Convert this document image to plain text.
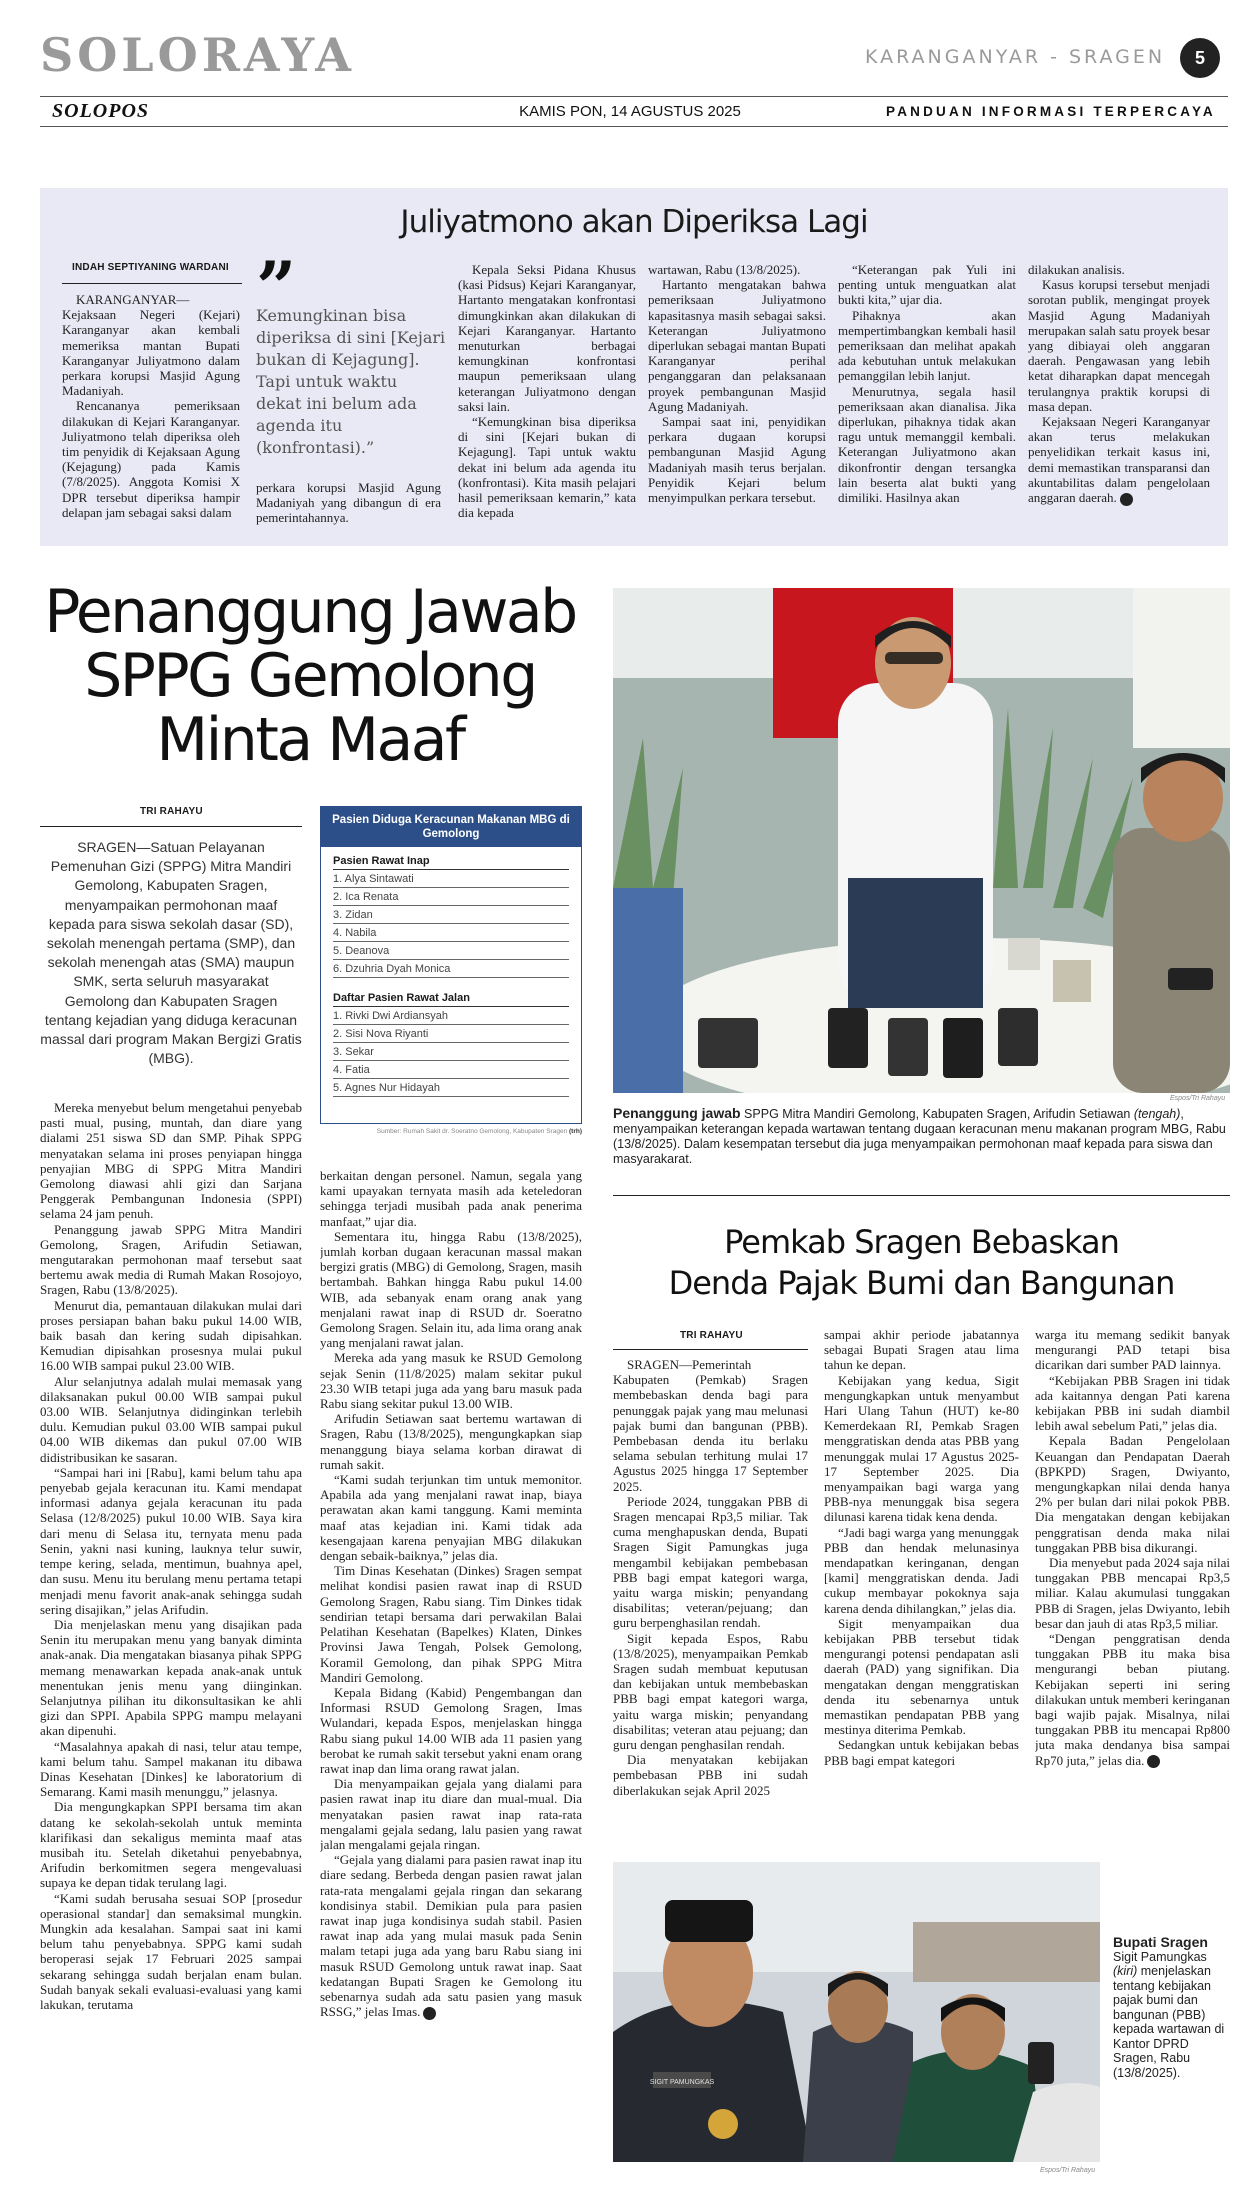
SOLORAYA	KARANGANYAR - SRAGEN	5
SOLOPOS	KAMIS PON, 14 AGUSTUS 2025	PANDUAN INFORMASI TERPERCAYA
Juliyatmono akan Diperiksa Lagi
INDAH SEPTIYANING WARDANI

KARANGANYAR—Kejaksaan Negeri (Kejari) Karanganyar akan kembali memeriksa mantan Bupati Karanganyar Juliyatmono dalam perkara korupsi Masjid Agung Madaniyah.

Rencananya pemeriksaan dilakukan di Kejari Karanganyar. Juliyatmono telah diperiksa oleh tim penyidik di Kejaksaan Agung (Kejagung) pada Kamis (7/8/2025). Anggota Komisi X DPR tersebut diperiksa hampir delapan jam sebagai saksi dalam

”
Kemungkinan bisa diperiksa di sini [Kejari bukan di Kejagung]. Tapi untuk waktu dekat ini belum ada agenda itu (konfrontasi).”

perkara korupsi Masjid Agung Madaniyah yang dibangun di era pemerintahannya.

Kepala Seksi Pidana Khusus (kasi Pidsus) Kejari Karanganyar, Hartanto mengatakan konfrontasi dimungkinkan akan dilakukan di Kejari Karanganyar. Hartanto menuturkan berbagai kemungkinan konfrontasi maupun pemeriksaan ulang keterangan Juliyatmono dengan saksi lain.

“Kemungkinan bisa diperiksa di sini [Kejari bukan di Kejagung]. Tapi untuk waktu dekat ini belum ada agenda itu (konfrontasi). Kita masih pelajari hasil pemeriksaan kemarin,” kata dia kepada

wartawan, Rabu (13/8/2025).

Hartanto mengatakan bahwa pemeriksaan Juliyatmono kapasitasnya masih sebagai saksi. Keterangan Juliyatmono diperlukan sebagai mantan Bupati Karanganyar perihal penganggaran dan pelaksanaan proyek pembangunan Masjid Agung Madaniyah.

Sampai saat ini, penyidikan perkara dugaan korupsi pembangunan Masjid Agung Madaniyah masih terus berjalan. Penyidik Kejari belum menyimpulkan perkara tersebut.

“Keterangan pak Yuli ini penting untuk menguatkan alat bukti kita,” ujar dia.

Pihaknya akan mempertimbangkan kembali hasil pemeriksaan dan melihat apakah ada kebutuhan untuk melakukan pemanggilan lebih lanjut.

Menurutnya, segala hasil pemeriksaan akan dianalisa. Jika diperlukan, pihaknya tidak akan ragu untuk memanggil kembali. Keterangan Juliyatmono akan dikonfrontir dengan tersangka lain beserta alat bukti yang dimiliki. Hasilnya akan

dilakukan analisis.

Kasus korupsi tersebut menjadi sorotan publik, mengingat proyek Masjid Agung Madaniyah merupakan salah satu proyek besar yang dibiayai oleh anggaran daerah. Pengawasan yang lebih ketat diharapkan dapat mencegah terulangnya praktik korupsi di masa depan.

Kejaksaan Negeri Karanganyar akan terus melakukan penyelidikan terkait kasus ini, demi memastikan transparansi dan akuntabilitas dalam pengelolaan anggaran daerah.

Penanggung Jawab
SPPG Gemolong
Minta Maaf
TRI RAHAYU
SRAGEN—Satuan Pelayanan Pemenuhan Gizi (SPPG) Mitra Mandiri Gemolong, Kabupaten Sragen, menyampaikan permohonan maaf kepada para siswa sekolah dasar (SD), sekolah menengah pertama (SMP), dan sekolah menengah atas (SMA) maupun SMK, serta seluruh masyarakat Gemolong dan Kabupaten Sragen tentang kejadian yang diduga keracunan massal dari program Makan Bergizi Gratis (MBG).
Pasien Diduga Keracunan Makanan MBG di Gemolong
Pasien Rawat Inap
1. Alya Sintawati
2. Ica Renata
3. Zidan
4. Nabila
5. Deanova
6. Dzuhria Dyah Monica
Daftar Pasien Rawat Jalan
1. Rivki Dwi Ardiansyah
2. Sisi Nova Riyanti
3. Sekar
4. Fatia
5. Agnes Nur Hidayah
Sumber: Rumah Sakit dr. Soeratno Gemolong, Kabupaten Sragen (trh)

Mereka menyebut belum mengetahui penyebab pasti mual, pusing, muntah, dan diare yang dialami 251 siswa SD dan SMP. Pihak SPPG menyatakan selama ini proses penyiapan hingga penyajian MBG di SPPG Mitra Mandiri Gemolong diawasi ahli gizi dan Sarjana Penggerak Pembangunan Indonesia (SPPI) selama 24 jam penuh.

Penanggung jawab SPPG Mitra Mandiri Gemolong, Sragen, Arifudin Setiawan, mengutarakan permohonan maaf tersebut saat bertemu awak media di Rumah Makan Rosojoyo, Sragen, Rabu (13/8/2025).

Menurut dia, pemantauan dilakukan mulai dari proses persiapan bahan baku pukul 14.00 WIB, baik basah dan kering sudah dipisahkan. Kemudian dipisahkan prosesnya mulai pukul 16.00 WIB sampai pukul 23.00 WIB.

Alur selanjutnya adalah mulai memasak yang dilaksanakan pukul 00.00 WIB sampai pukul 03.00 WIB. Selanjutnya didinginkan terlebih dulu. Kemudian pukul 03.00 WIB sampai pukul 04.00 WIB dikemas dan pukul 07.00 WIB didistribusikan ke sasaran.

“Sampai hari ini [Rabu], kami belum tahu apa penyebab gejala keracunan itu. Kami mendapat informasi adanya gejala keracunan itu pada Selasa (12/8/2025) pukul 10.00 WIB. Saya kira dari menu di Selasa itu, ternyata menu pada Senin, yakni nasi kuning, lauknya telur suwir, tempe kering, selada, mentimun, buahnya apel, dan susu. Menu itu berulang menu pertama tetapi menjadi menu favorit anak-anak sehingga sudah sering disajikan,” jelas Arifudin.

Dia menjelaskan menu yang disajikan pada Senin itu merupakan menu yang banyak diminta anak-anak. Dia mengatakan biasanya pihak SPPG memang menawarkan kepada anak-anak untuk menentukan jenis menu yang diinginkan. Selanjutnya pilihan itu dikonsultasikan ke ahli gizi dan SPPI. Apabila SPPG mampu melayani akan dipenuhi.

“Masalahnya apakah di nasi, telur atau tempe, kami belum tahu. Sampel makanan itu dibawa Dinas Kesehatan [Dinkes] ke laboratorium di Semarang. Kami masih menunggu,” jelasnya.

Dia mengungkapkan SPPI bersama tim akan datang ke sekolah-sekolah untuk meminta klarifikasi dan sekaligus meminta maaf atas musibah itu. Setelah diketahui penyebabnya, Arifudin berkomitmen segera mengevaluasi supaya ke depan tidak terulang lagi.

“Kami sudah berusaha sesuai SOP [prosedur operasional standar] dan semaksimal mungkin. Mungkin ada kesalahan. Sampai saat ini kami belum tahu penyebabnya. SPPG kami sudah beroperasi sejak 17 Februari 2025 sampai sekarang sehingga sudah berjalan enam bulan. Sudah banyak sekali evaluasi-evaluasi yang kami lakukan, terutama

berkaitan dengan personel. Namun, segala yang kami upayakan ternyata masih ada keteledoran sehingga terjadi musibah pada anak penerima manfaat,” ujar dia.

Sementara itu, hingga Rabu (13/8/2025), jumlah korban dugaan keracunan massal makan bergizi gratis (MBG) di Gemolong, Sragen, masih bertambah. Bahkan hingga Rabu pukul 14.00 WIB, ada sebanyak enam orang anak yang menjalani rawat inap di RSUD dr. Soeratno Gemolong Sragen. Selain itu, ada lima orang anak yang menjalani rawat jalan.

Mereka ada yang masuk ke RSUD Gemolong sejak Senin (11/8/2025) malam sekitar pukul 23.30 WIB tetapi juga ada yang baru masuk pada Rabu siang sekitar pukul 13.00 WIB.

Arifudin Setiawan saat bertemu wartawan di Sragen, Rabu (13/8/2025), mengungkapkan siap menanggung biaya selama korban dirawat di rumah sakit.

“Kami sudah terjunkan tim untuk memonitor. Apabila ada yang menjalani rawat inap, biaya perawatan akan kami tanggung. Kami meminta maaf atas kejadian ini. Kami tidak ada kesengajaan karena penyajian MBG dilakukan dengan sebaik-baiknya,” jelas dia.

Tim Dinas Kesehatan (Dinkes) Sragen sempat melihat kondisi pasien rawat inap di RSUD Gemolong Sragen, Rabu siang. Tim Dinkes tidak sendirian tetapi bersama dari perwakilan Balai Pelatihan Kesehatan (Bapelkes) Klaten, Dinkes Provinsi Jawa Tengah, Polsek Gemolong, Koramil Gemolong, dan pihak SPPG Mitra Mandiri Gemolong.

Kepala Bidang (Kabid) Pengembangan dan Informasi RSUD Gemolong Sragen, Imas Wulandari, kepada Espos, menjelaskan hingga Rabu siang pukul 14.00 WIB ada 11 pasien yang berobat ke rumah sakit tersebut yakni enam orang rawat inap dan lima orang rawat jalan.

Dia menyampaikan gejala yang dialami para pasien rawat inap itu diare dan mual-mual. Dia menyatakan pasien rawat inap rata-rata mengalami gejala sedang, lalu pasien yang rawat jalan mengalami gejala ringan.

“Gejala yang dialami para pasien rawat inap itu diare sedang. Berbeda dengan pasien rawat jalan rata-rata mengalami gejala ringan dan sekarang kondisinya stabil. Demikian pula para pasien rawat inap juga kondisinya sudah stabil. Pasien rawat inap ada yang mulai masuk pada Senin malam tetapi juga ada yang baru Rabu siang ini masuk RSUD Gemolong untuk rawat inap. Saat kedatangan Bupati Sragen ke Gemolong itu sebenarnya sudah ada satu pasien yang masuk RSSG,” jelas Imas.

Espos/Tri Rahayu
Penanggung jawab SPPG Mitra Mandiri Gemolong, Kabupaten Sragen, Arifudin Setiawan (tengah), menyampaikan keterangan kepada wartawan tentang dugaan keracunan menu makanan program MBG, Rabu (13/8/2025). Dalam kesempatan tersebut dia juga menyampaikan permohonan maaf kepada para siswa dan masyarakarat.
Pemkab Sragen Bebaskan
Denda Pajak Bumi dan Bangunan
TRI RAHAYU

SRAGEN—Pemerintah Kabupaten (Pemkab) Sragen membebaskan denda bagi para penunggak pajak yang mau melunasi pajak bumi dan bangunan (PBB). Pembebasan denda itu berlaku selama sebulan terhitung mulai 17 Agustus 2025 hingga 17 September 2025.

Periode 2024, tunggakan PBB di Sragen mencapai Rp3,5 miliar. Tak cuma menghapuskan denda, Bupati Sragen Sigit Pamungkas juga mengambil kebijakan pembebasan PBB bagi empat kategori warga, yaitu warga miskin; penyandang disabilitas; veteran/pejuang; dan guru berpenghasilan rendah.

Sigit kepada Espos, Rabu (13/8/2025), menyampaikan Pemkab Sragen sudah membuat keputusan dan kebijakan untuk membebaskan PBB bagi empat kategori warga, yaitu warga miskin; penyandang disabilitas; veteran atau pejuang; dan guru dengan penghasilan rendah.

Dia menyatakan kebijakan pembebasan PBB ini sudah diberlakukan sejak April 2025

sampai akhir periode jabatannya sebagai Bupati Sragen atau lima tahun ke depan.

Kebijakan yang kedua, Sigit mengungkapkan untuk menyambut Hari Ulang Tahun (HUT) ke-80 Kemerdekaan RI, Pemkab Sragen menggratiskan denda atas PBB yang menunggak mulai 17 Agustus 2025-17 September 2025. Dia menyampaikan bagi warga yang PBB-nya menunggak bisa segera dilunasi karena tidak kena denda.

“Jadi bagi warga yang menunggak PBB dan hendak melunasinya mendapatkan keringanan, dengan [kami] menggratiskan denda. Jadi cukup membayar pokoknya saja karena denda dihilangkan,” jelas dia.

Sigit menyampaikan dua kebijakan PBB tersebut tidak mengurangi potensi pendapatan asli daerah (PAD) yang signifikan. Dia mengatakan dengan menggratiskan denda itu sebenarnya untuk memastikan pendapatan PBB yang mestinya diterima Pemkab.

Sedangkan untuk kebijakan bebas PBB bagi empat kategori

warga itu memang sedikit banyak mengurangi PAD tetapi bisa dicarikan dari sumber PAD lainnya.

“Kebijakan PBB Sragen ini tidak ada kaitannya dengan Pati karena kebijakan PBB ini sudah diambil lebih awal sebelum Pati,” jelas dia.

Kepala Badan Pengelolaan Keuangan dan Pendapatan Daerah (BPKPD) Sragen, Dwiyanto, mengungkapkan nilai denda hanya 2% per bulan dari nilai pokok PBB. Dia mengatakan dengan kebijakan penggratisan denda maka nilai tunggakan PBB bisa dikurangi.

Dia menyebut pada 2024 saja nilai tunggakan PBB mencapai Rp3,5 miliar. Kalau akumulasi tunggakan PBB di Sragen, jelas Dwiyanto, lebih besar dan jauh di atas Rp3,5 miliar.

“Dengan penggratisan denda tunggakan PBB itu maka bisa mengurangi beban piutang. Kebijakan seperti ini sering dilakukan untuk memberi keringanan bagi wajib pajak. Misalnya, nilai tunggakan PBB itu mencapai Rp800 juta maka dendanya bisa sampai Rp70 juta,” jelas dia.

SIGIT PAMUNGKAS
Espos/Tri Rahayu
Bupati Sragen
Sigit Pamungkas (kiri) menjelaskan tentang kebijakan pajak bumi dan bangunan (PBB) kepada wartawan di Kantor DPRD Sragen, Rabu (13/8/2025).
